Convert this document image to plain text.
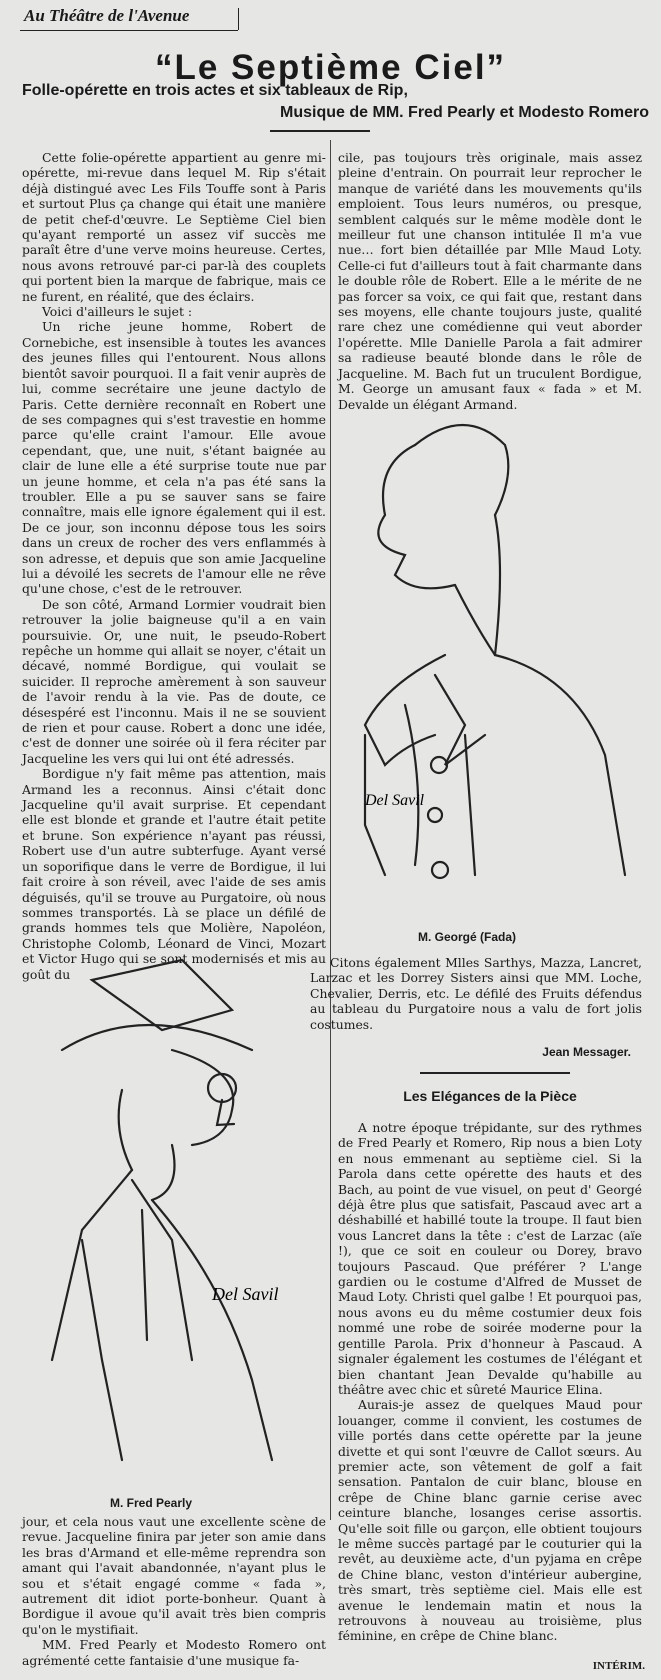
Au Théâtre de l'Avenue
“Le Septième Ciel”
Folle-opérette en trois actes et six tableaux de Rip,
Musique de MM. Fred Pearly et Modesto Romero

Cette folie-opérette appartient au genre mi-opérette, mi-revue dans lequel M. Rip s'était déjà distingué avec Les Fils Touffe sont à Paris et surtout Plus ça change qui était une manière de petit chef-d'œuvre. Le Septième Ciel bien qu'ayant remporté un assez vif succès me paraît être d'une verve moins heureuse. Certes, nous avons retrouvé par-ci par-là des couplets qui portent bien la marque de fabrique, mais ce ne furent, en réalité, que des éclairs.

Voici d'ailleurs le sujet :

Un riche jeune homme, Robert de Cornebiche, est insensible à toutes les avances des jeunes filles qui l'entourent. Nous allons bientôt savoir pourquoi. Il a fait venir auprès de lui, comme secrétaire une jeune dactylo de Paris. Cette dernière reconnaît en Robert une de ses compagnes qui s'est travestie en homme parce qu'elle craint l'amour. Elle avoue cependant, que, une nuit, s'étant baignée au clair de lune elle a été surprise toute nue par un jeune homme, et cela n'a pas été sans la troubler. Elle a pu se sauver sans se faire connaître, mais elle ignore également qui il est. De ce jour, son inconnu dépose tous les soirs dans un creux de rocher des vers enflammés à son adresse, et depuis que son amie Jacqueline lui a dévoilé les secrets de l'amour elle ne rêve qu'une chose, c'est de le retrouver.

De son côté, Armand Lormier voudrait bien retrouver la jolie baigneuse qu'il a en vain poursuivie. Or, une nuit, le pseudo-Robert repêche un homme qui allait se noyer, c'était un décavé, nommé Bordigue, qui voulait se suicider. Il reproche amèrement à son sauveur de l'avoir rendu à la vie. Pas de doute, ce désespéré est l'inconnu. Mais il ne se souvient de rien et pour cause. Robert a donc une idée, c'est de donner une soirée où il fera réciter par Jacqueline les vers qui lui ont été adressés.

Bordigue n'y fait même pas attention, mais Armand les a reconnus. Ainsi c'était donc Jacqueline qu'il avait surprise. Et cependant elle est blonde et grande et l'autre était petite et brune. Son expérience n'ayant pas réussi, Robert use d'un autre subterfuge. Ayant versé un soporifique dans le verre de Bordigue, il lui fait croire à son réveil, avec l'aide de ses amis déguisés, qu'il se trouve au Purgatoire, où nous sommes transportés. Là se place un défilé de grands hommes tels que Molière, Napoléon, Christophe Colomb, Léonard de Vinci, Mozart et Victor Hugo qui se sont modernisés et mis au goût du

Del Savil
M. Fred Pearly

jour, et cela nous vaut une excellente scène de revue. Jacqueline finira par jeter son amie dans les bras d'Armand et elle-même reprendra son amant qui l'avait abandonnée, n'ayant plus le sou et s'était engagé comme « fada », autrement dit idiot porte-bonheur. Quant à Bordigue il avoue qu'il avait très bien compris qu'on le mystifiait.

MM. Fred Pearly et Modesto Romero ont agrémenté cette fantaisie d'une musique fa-

cile, pas toujours très originale, mais assez pleine d'entrain. On pourrait leur reprocher le manque de variété dans les mouvements qu'ils emploient. Tous leurs numéros, ou presque, semblent calqués sur le même modèle dont le meilleur fut une chanson intitulée Il m'a vue nue… fort bien détaillée par Mlle Maud Loty. Celle-ci fut d'ailleurs tout à fait charmante dans le double rôle de Robert. Elle a le mérite de ne pas forcer sa voix, ce qui fait que, restant dans ses moyens, elle chante toujours juste, qualité rare chez une comédienne qui veut aborder l'opérette. Mlle Danielle Parola a fait admirer sa radieuse beauté blonde dans le rôle de Jacqueline. M. Bach fut un truculent Bordigue, M. George un amusant faux « fada » et M. Devalde un élégant Armand.

Del Savil
M. Georgé (Fada)

Citons également Mlles Sarthys, Mazza, Lancret, Larzac et les Dorrey Sisters ainsi que MM. Loche, Chevalier, Derris, etc. Le défilé des Fruits défendus au tableau du Purgatoire nous a valu de fort jolis costumes.

Jean Messager.
Les Elégances de la Pièce

A notre époque trépidante, sur des rythmes de Fred Pearly et Romero, Rip nous a bien Loty en nous emmenant au septième ciel. Si la Parola dans cette opérette des hauts et des Bach, au point de vue visuel, on peut d' Georgé déjà être plus que satisfait, Pascaud avec art a déshabillé et habillé toute la troupe. Il faut bien vous Lancret dans la tête : c'est de Larzac (aïe !), que ce soit en couleur ou Dorey, bravo toujours Pascaud. Que préférer ? L'ange gardien ou le costume d'Alfred de Musset de Maud Loty. Christi quel galbe ! Et pourquoi pas, nous avons eu du même costumier deux fois nommé une robe de soirée moderne pour la gentille Parola. Prix d'honneur à Pascaud. A signaler également les costumes de l'élégant et bien chantant Jean Devalde qu'habille au théâtre avec chic et sûreté Maurice Elina.

Aurais-je assez de quelques Maud pour louanger, comme il convient, les costumes de ville portés dans cette opérette par la jeune divette et qui sont l'œuvre de Callot sœurs. Au premier acte, son vêtement de golf a fait sensation. Pantalon de cuir blanc, blouse en crêpe de Chine blanc garnie cerise avec ceinture blanche, losanges cerise assortis. Qu'elle soit fille ou garçon, elle obtient toujours le même succès partagé par le couturier qui la revêt, au deuxième acte, d'un pyjama en crêpe de Chine blanc, veston d'intérieur aubergine, très smart, très septième ciel. Mais elle est avenue le lendemain matin et nous la retrouvons à nouveau au troisième, plus féminine, en crêpe de Chine blanc.

INTÉRIM.
